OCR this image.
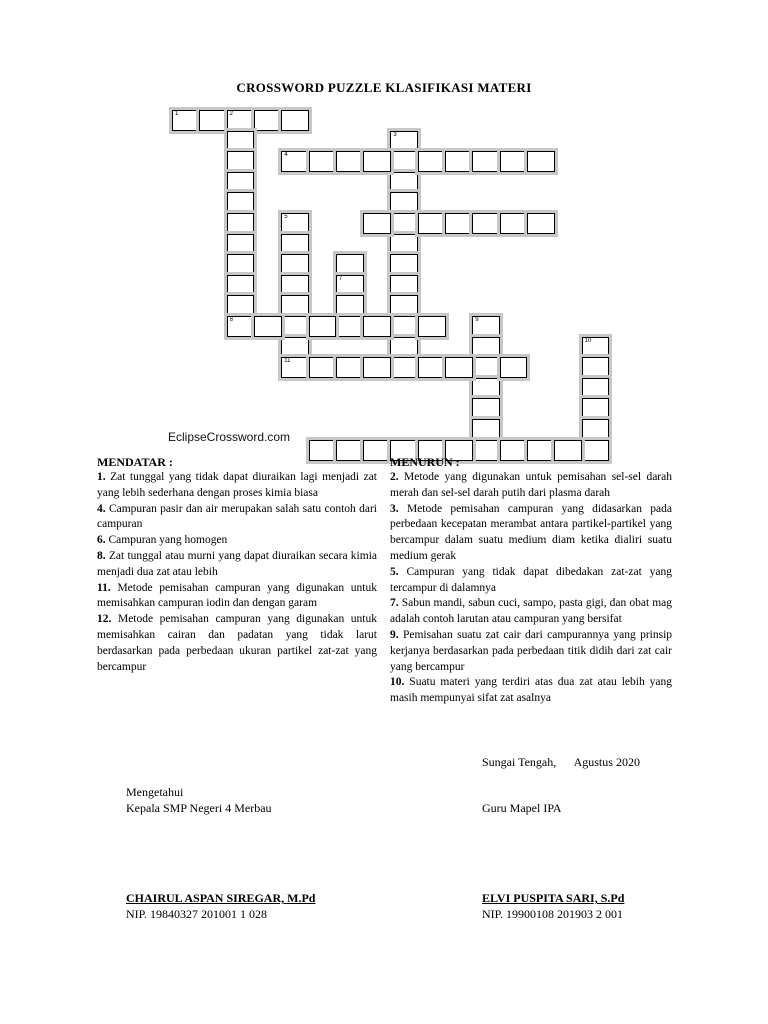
CROSSWORD PUZZLE KLASIFIKASI MATERI
EclipseCrossword.com
1	2
8
3
4
5
11
7
9
10
MENDATAR :

1. Zat tunggal yang tidak dapat diuraikan lagi menjadi zat yang lebih sederhana dengan proses kimia biasa

4. Campuran pasir dan air merupakan salah satu contoh dari campuran

6. Campuran yang homogen

8. Zat tunggal atau murni yang dapat diuraikan secara kimia menjadi dua zat atau lebih

11. Metode pemisahan campuran yang digunakan untuk memisahkan campuran iodin dan dengan garam

12. Metode pemisahan campuran yang digunakan untuk memisahkan cairan dan padatan yang tidak larut berdasarkan pada perbedaan ukuran partikel zat-zat yang bercampur

MENURUN :

2. Metode yang digunakan untuk pemisahan sel-sel darah merah dan sel-sel darah putih dari plasma darah

3. Metode pemisahan campuran yang didasarkan pada perbedaan kecepatan merambat antara partikel-partikel yang bercampur dalam suatu medium diam ketika dialiri suatu medium gerak

5. Campuran yang tidak dapat dibedakan zat-zat yang tercampur di dalamnya

7. Sabun mandi, sabun cuci, sampo, pasta gigi, dan obat mag adalah contoh larutan atau campuran yang bersifat

9. Pemisahan suatu zat cair dari campurannya yang prinsip kerjanya berdasarkan pada perbedaan titik didih dari zat cair yang bercampur

10. Suatu materi yang terdiri atas dua zat atau lebih yang masih mempunyai sifat zat asalnya

Sungai Tengah,      Agustus 2020
Mengetahui
Kepala SMP Negeri 4 Merbau	Guru Mapel IPA
CHAIRUL ASPAN SIREGAR, M.Pd
NIP. 19840327 201001 1 028
ELVI PUSPITA SARI, S.Pd
NIP. 19900108 201903 2 001
